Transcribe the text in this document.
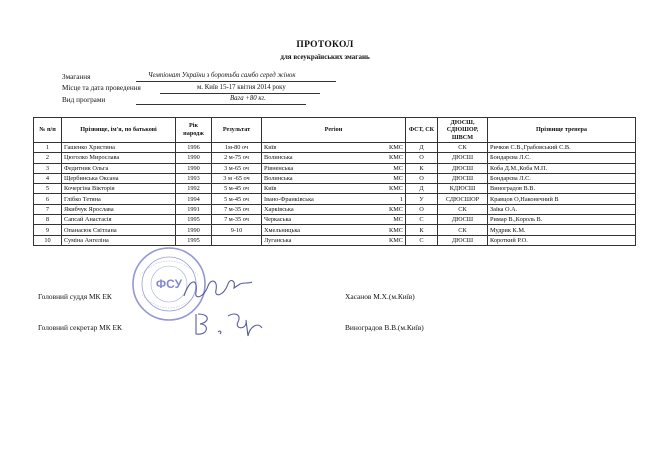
ПРОТОКОЛ
для всеукраїнських змагань
Змагання	Чемпіонат України з боротьби самбо серед жінок
Місце та дата проведення	м. Київ 15-17 квітня 2014 року
Вид програми	Вага +80 кг.
№ п/п	Прізвище, ім'я, по батькові	Рік народж	Результат	Регіон	ФСТ, СК	ДЮСШ, СДЮШОР, ШВСМ	Прізвище тренера
1	Гашенко Христина	1996	1м-80 оч	Київ КМС	Д	СК	Ричков С.В.,Грабовський С.В.
2	Цюголко Мирослава	1990	2 м-75 оч	Волинська КМС	О	ДЮСШ	Бондарєва Л.С.
3	Федитник Ольга	1990	3 м-65 оч	Рівненська МС	К	ДЮСШ	Коба Д.М.,Коба М.П.
4	Щербинська Оксана	1993	3 м -65 оч	Волинська МС	О	ДЮСШ	Бондарєва Л.С.
5	Кочергіна Вікторія	1992	5 м-45 оч	Київ КМС	Д	КДЮСШ	Виноградов В.В.
6	Глібко Тетяна	1994	5 м-45 оч	Івано-Франківська 1	У	СДЮСШОР	Кравцов О,Наконечний В
7	Якибчук Ярослава	1991	7 м-35 оч	Харківська КМС	О	СК	Заїка О.А.
8	Сапсай Анастасія	1995	7 м-35 оч	Черкаська МС	С	ДЮСШ	Римар В.,Король В.
9	Опанасюк Світлана	1990	9-10	Хмельницька КМС	К	СК	Мудрик К.М.
10	Суміна Ангеліна	1995		Луганська КМС	С	ДЮСШ	Короткий Р.О.
ФСУ
Головний суддя МК ЕК	Хасанов М.Х.(м.Київ)
Головний секретар МК ЕК	Виноградов В.В.(м.Київ)
